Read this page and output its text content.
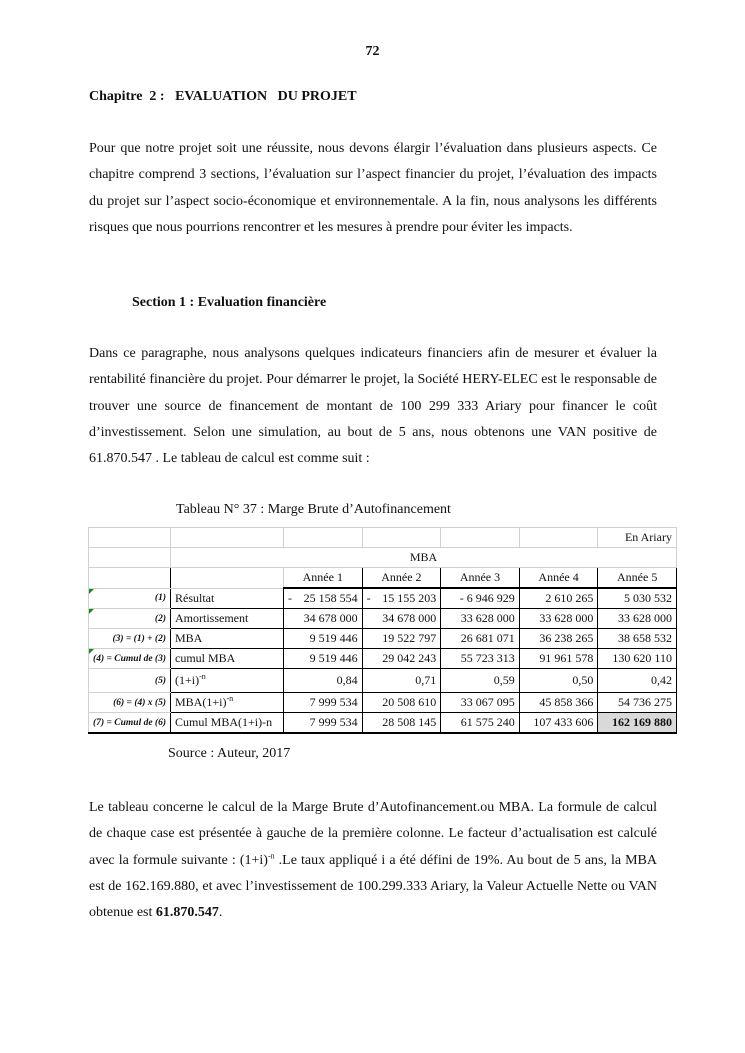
72
Chapitre  2 :   EVALUATION   DU PROJET
Pour que notre projet soit une réussite, nous devons élargir l’évaluation dans plusieurs aspects. Ce chapitre comprend 3 sections, l’évaluation sur l’aspect financier du projet, l’évaluation des impacts du projet sur l’aspect socio-économique et environnementale. A la fin, nous analysons les différents risques que nous pourrions rencontrer et les mesures à prendre pour éviter les impacts.
Section 1 : Evaluation financière
Dans ce paragraphe, nous analysons quelques indicateurs financiers afin de mesurer et évaluer la rentabilité financière du projet. Pour démarrer le projet, la Société HERY-ELEC est le responsable de trouver une source de financement de montant de 100 299 333 Ariary pour financer le coût d’investissement. Selon une simulation, au bout de 5 ans, nous obtenons une VAN positive de 61.870.547 . Le tableau de calcul est comme suit :
Tableau N° 37 : Marge Brute d’Autofinancement
						En Ariary
	MBA					
		Année 1	Année 2	Année 3	Année 4	Année 5

(1)	Résultat	- 25 158 554	- 15 155 203	- 6 946 929	2 610 265	5 030 532

(2)	Amortissement	34 678 000	34 678 000	33 628 000	33 628 000	33 628 000
(3) = (1) + (2)	MBA	9 519 446	19 522 797	26 681 071	36 238 265	38 658 532

(4) = Cumul de (3)	cumul MBA	9 519 446	29 042 243	55 723 313	91 961 578	130 620 110
(5)	$(1+i)^{-n}$	0,84	0,71	0,59	0,50	0,42
(6) = (4) x (5)	$MBA(1+i)^{-n}$	7 999 534	20 508 610	33 067 095	45 858 366	54 736 275
(7) = Cumul de (6)	Cumul MBA(1+i)-n	7 999 534	28 508 145	61 575 240	107 433 606	162 169 880
Source : Auteur, 2017
Le tableau concerne le calcul de la Marge Brute d’Autofinancement.ou MBA. La formule de calcul de chaque case est présentée à gauche de la première colonne. Le facteur d’actualisation est calculé avec la formule suivante : $(1+i)^{-n}$ .Le taux appliqué i a été défini de 19%. Au bout de 5 ans, la MBA est de 162.169.880, et avec l’investissement de 100.299.333 Ariary, la Valeur Actuelle Nette ou VAN obtenue est 61.870.547.
